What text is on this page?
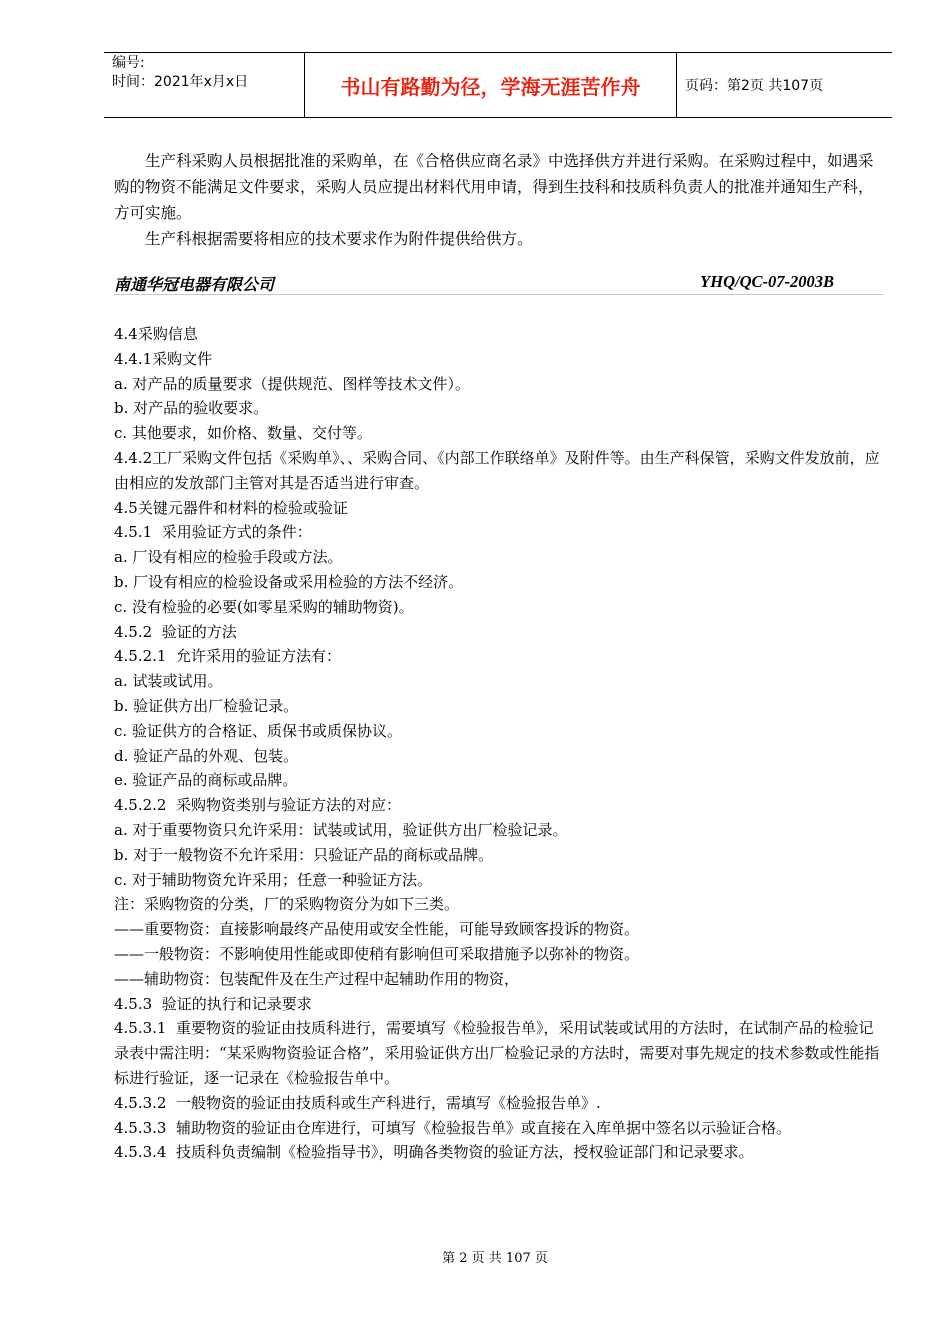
编号:
时间：2021年x月x日	书山有路勤为径，学海无涯苦作舟	页码：第2页 共107页

生产科采购人员根据批准的采购单，在《合格供应商名录》中选择供方并进行采购。在采购过程中，如遇采购的物资不能满足文件要求，采购人员应提出材料代用申请，得到生技科和技质科负责人的批准并通知生产科，方可实施。

生产科根据需要将相应的技术要求作为附件提供给供方。

南通华冠电器有限公司	YHQ/QC-07-2003B
4.4采购信息
4.4.1采购文件
a. 对产品的质量要求（提供规范、图样等技术文件）。
b. 对产品的验收要求。
c. 其他要求，如价格、数量、交付等。
4.4.2工厂采购文件包括《采购单》、、采购合同、《内部工作联络单》及附件等。由生产科保管，采购文件发放前，应由相应的发放部门主管对其是否适当进行审查。
4.5关键元器件和材料的检验或验证
4.5.1  采用验证方式的条件：
a. 厂设有相应的检验手段或方法。
b. 厂设有相应的检验设备或采用检验的方法不经济。
c. 没有检验的必要(如零星采购的辅助物资)。
4.5.2  验证的方法
4.5.2.1  允许采用的验证方法有：
a. 试装或试用。
b. 验证供方出厂检验记录。
c. 验证供方的合格证、质保书或质保协议。
d. 验证产品的外观、包装。
e. 验证产品的商标或品牌。
4.5.2.2  采购物资类别与验证方法的对应：
a. 对于重要物资只允许采用：试装或试用，验证供方出厂检验记录。
b. 对于一般物资不允许采用：只验证产品的商标或品牌。
c. 对于辅助物资允许采用；任意一种验证方法。
注：采购物资的分类，厂的采购物资分为如下三类。
——重要物资：直接影响最终产品使用或安全性能，可能导致顾客投诉的物资。
——一般物资：不影响使用性能或即使稍有影响但可采取措施予以弥补的物资。
——辅助物资：包装配件及在生产过程中起辅助作用的物资，
4.5.3  验证的执行和记录要求
4.5.3.1  重要物资的验证由技质科进行，需要填写《检验报告单》，采用试装或试用的方法时，在试制产品的检验记录表中需注明：“某采购物资验证合格”，采用验证供方出厂检验记录的方法时，需要对事先规定的技术参数或性能指标进行验证，逐一记录在《检验报告单中。
4.5.3.2  一般物资的验证由技质科或生产科进行，需填写《检验报告单》.
4.5.3.3  辅助物资的验证由仓库进行，可填写《检验报告单》或直接在入库单据中签名以示验证合格。
4.5.3.4  技质科负责编制《检验指导书》，明确各类物资的验证方法，授权验证部门和记录要求。
第 2 页 共 107 页
